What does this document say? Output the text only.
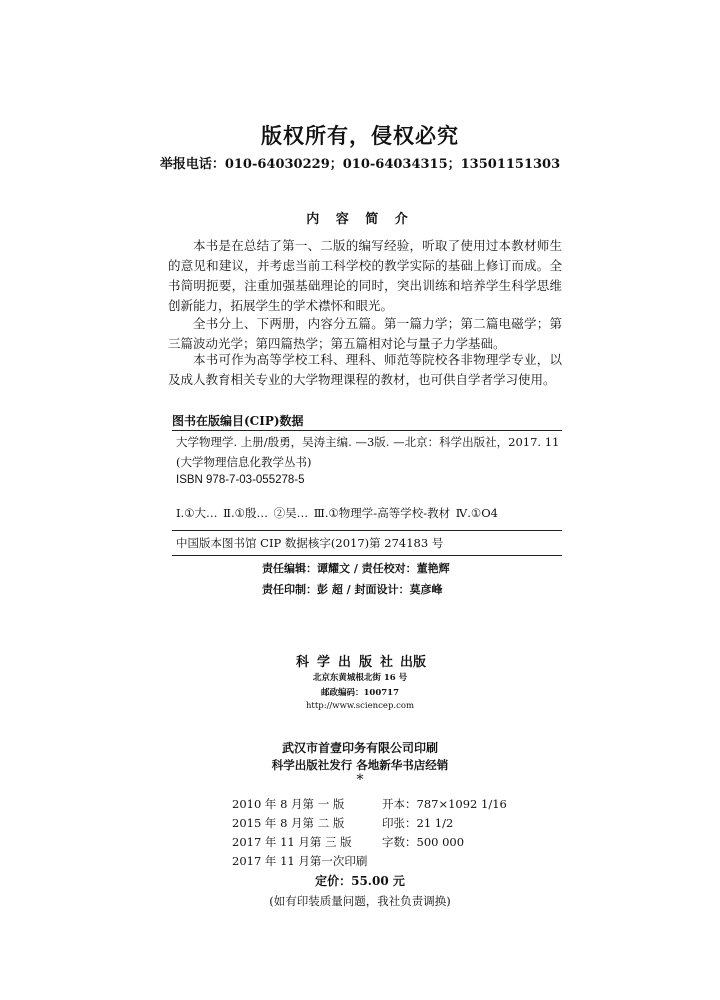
版权所有，侵权必究
举报电话：010-64030229；010-64034315；13501151303
内 容 简 介

本书是在总结了第一、二版的编写经验，听取了使用过本教材师生的意见和建议，并考虑当前工科学校的教学实际的基础上修订而成。全书简明扼要，注重加强基础理论的同时，突出训练和培养学生科学思维创新能力，拓展学生的学术襟怀和眼光。

全书分上、下两册，内容分五篇。第一篇力学；第二篇电磁学；第三篇波动光学；第四篇热学；第五篇相对论与量子力学基础。

本书可作为高等学校工科、理科、师范等院校各非物理学专业，以及成人教育相关专业的大学物理课程的教材，也可供自学者学习使用。

图书在版编目(CIP)数据
大学物理学. 上册/殷勇，吴涛主编. —3版. —北京：科学出版社，2017. 11
(大学物理信息化教学丛书)
ISBN 978-7-03-055278-5
Ⅰ.①大… Ⅱ.①殷… ②吴… Ⅲ.①物理学-高等学校-教材 Ⅳ.①O4
中国版本图书馆 CIP 数据核字(2017)第 274183 号
责任编辑：谭耀文 / 责任校对：董艳辉
责任印制：彭 超 / 封面设计：莫彦峰
科学出版社
出版
北京东黄城根北街 16 号
邮政编码：100717
http://www.sciencep.com
武汉市首壹印务有限公司印刷
科学出版社发行 各地新华书店经销
*
2010 年 8 月第 一 版	开本：787×1092 1/16
2015 年 8 月第 二 版	印张：21 1/2
2017 年 11 月第 三 版	字数：500 000
2017 年 11 月第一次印刷
定价：55.00 元
(如有印装质量问题，我社负责调换)
